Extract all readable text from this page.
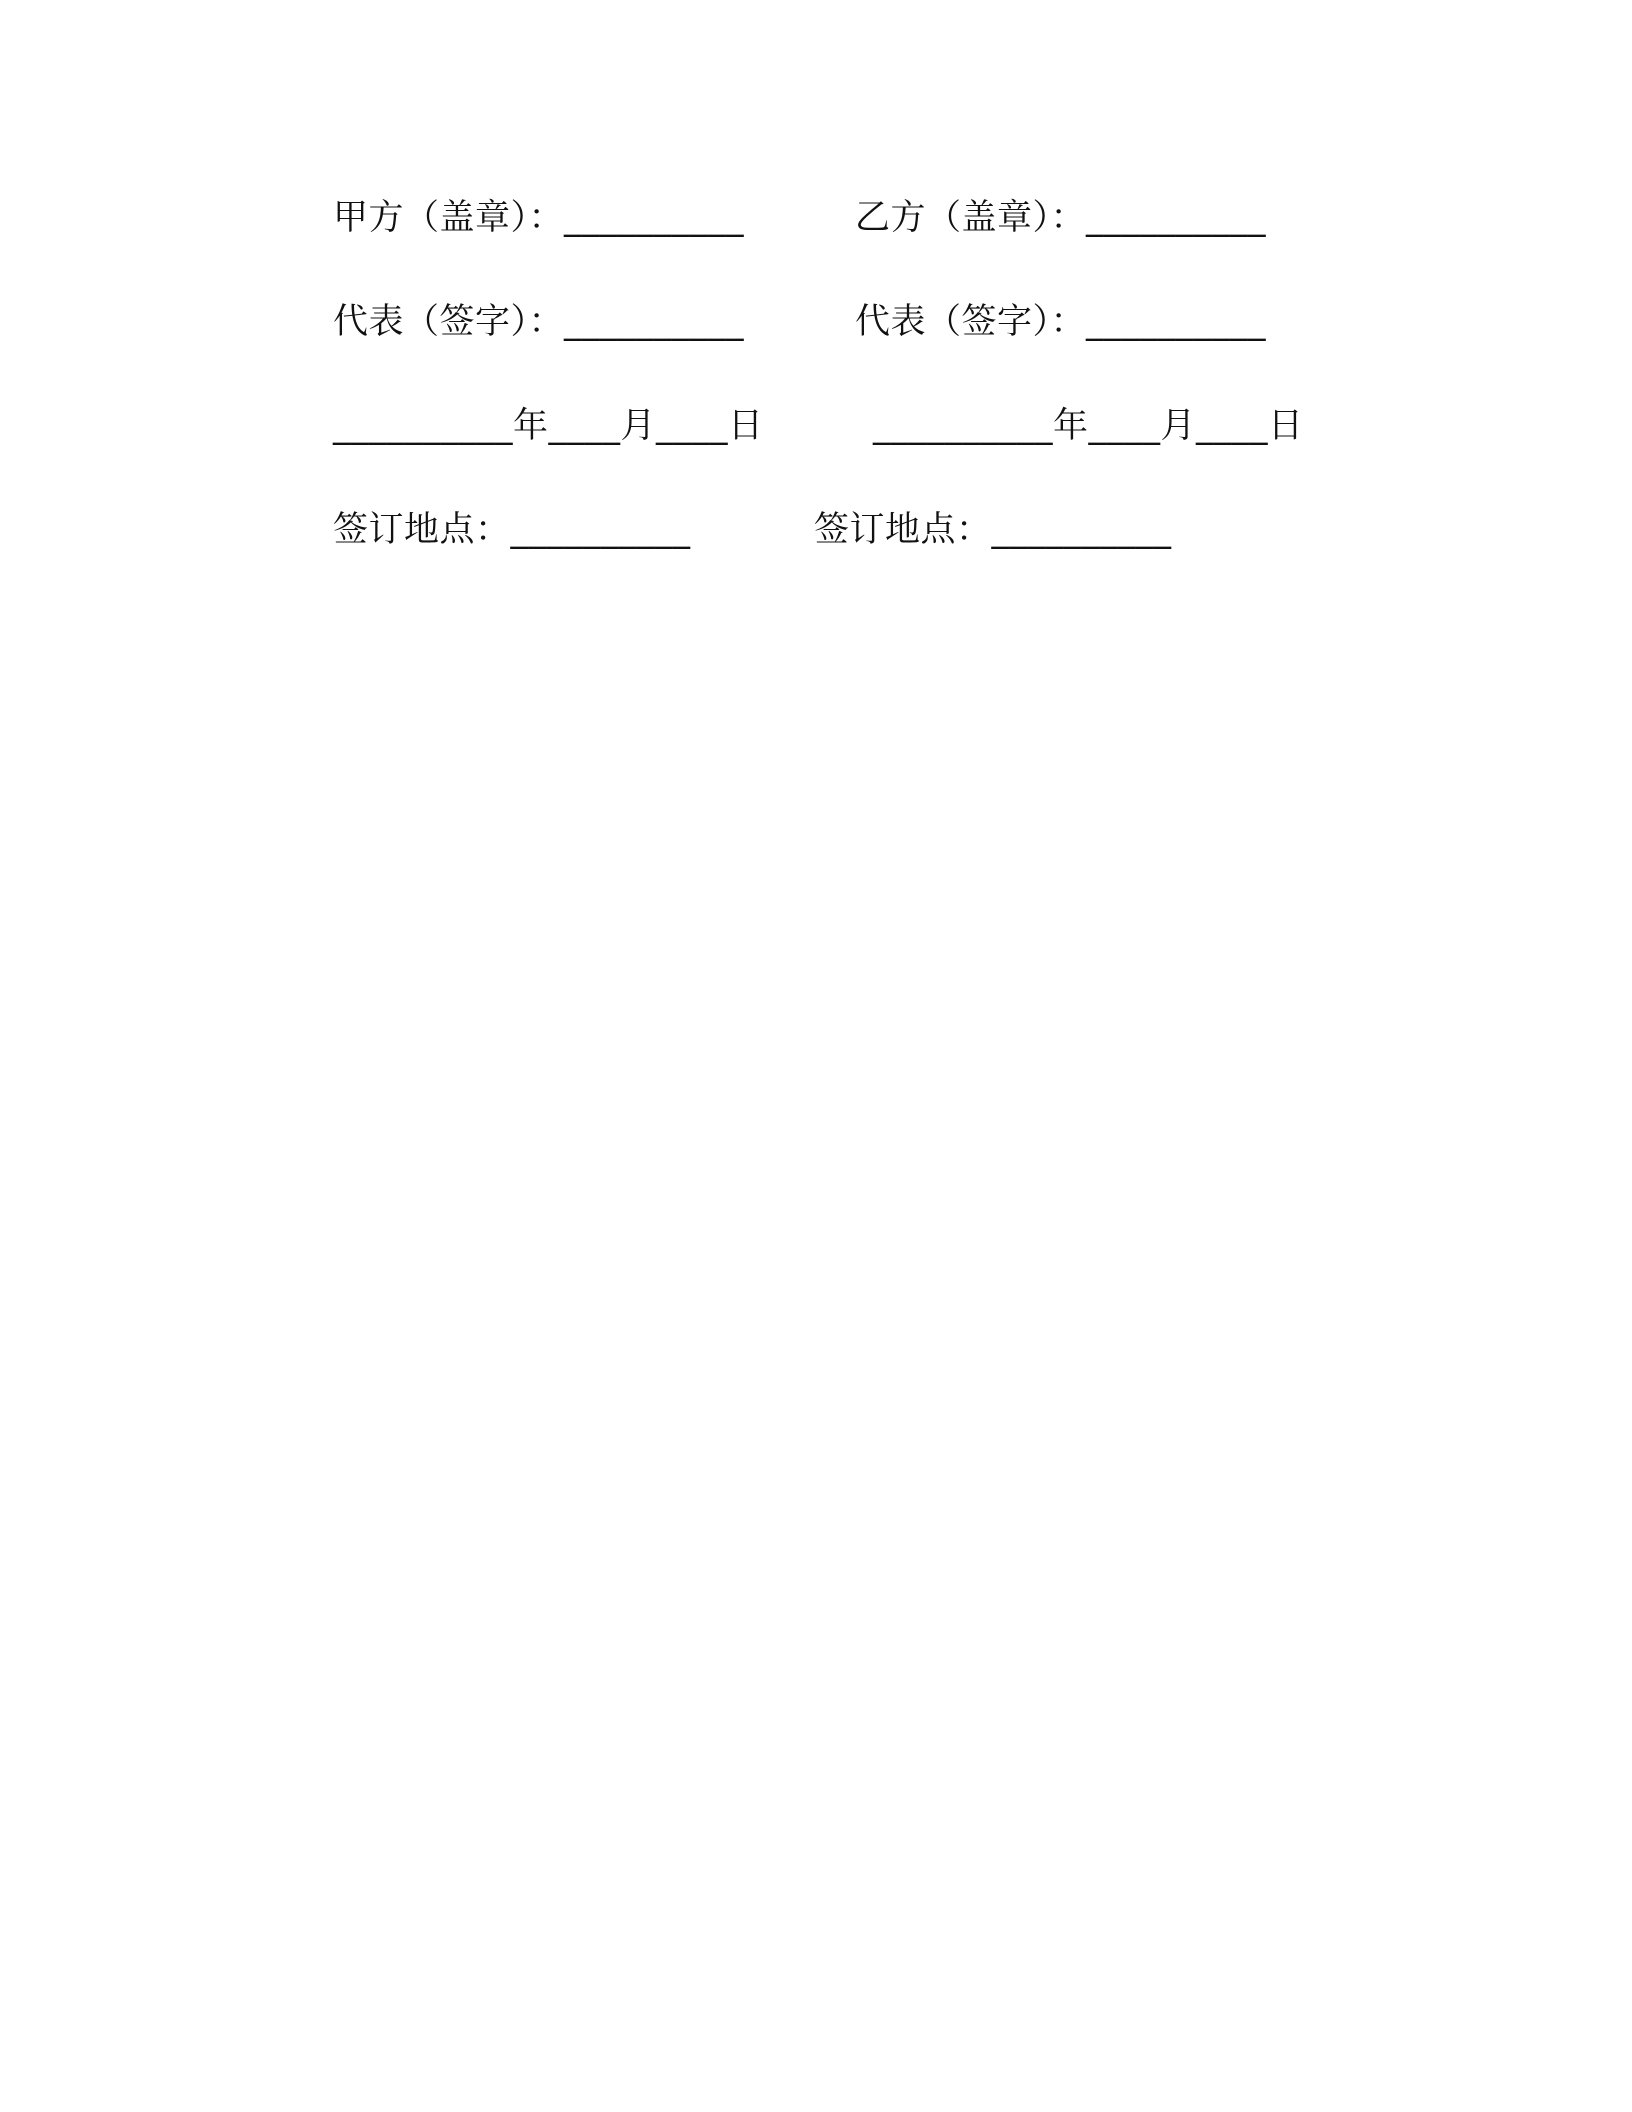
甲方（盖章）：__________	乙方（盖章）：__________
代表（签字）：__________	代表（签字）：__________
__________年____月____日	__________年____月____日
签订地点：__________	签订地点：__________
